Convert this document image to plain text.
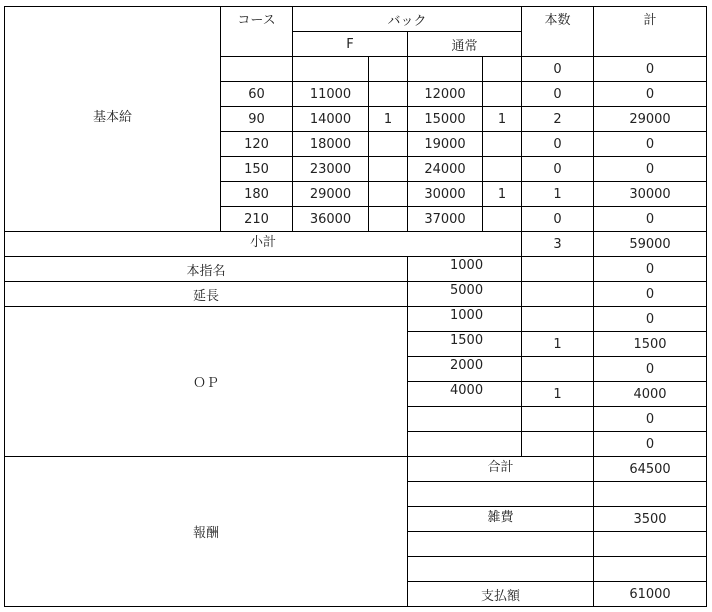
基本給	コース	バック				本数	計
		F		通常			
						0	0
	60	11000		12000		0	0
	90	14000	1	15000	1	2	29000
	120	18000		19000		0	0
	150	23000		24000		0	0
	180	29000		30000	1	1	30000
	210	36000		37000		0	0
小計						3	59000
本指名				1000			0
延長				5000			0
ＯＰ				1000			0
				1500		1	1500
				2000			0
				4000		1	4000
							0
							0
報酬				合計			64500

				雑費			3500

				支払額			61000
